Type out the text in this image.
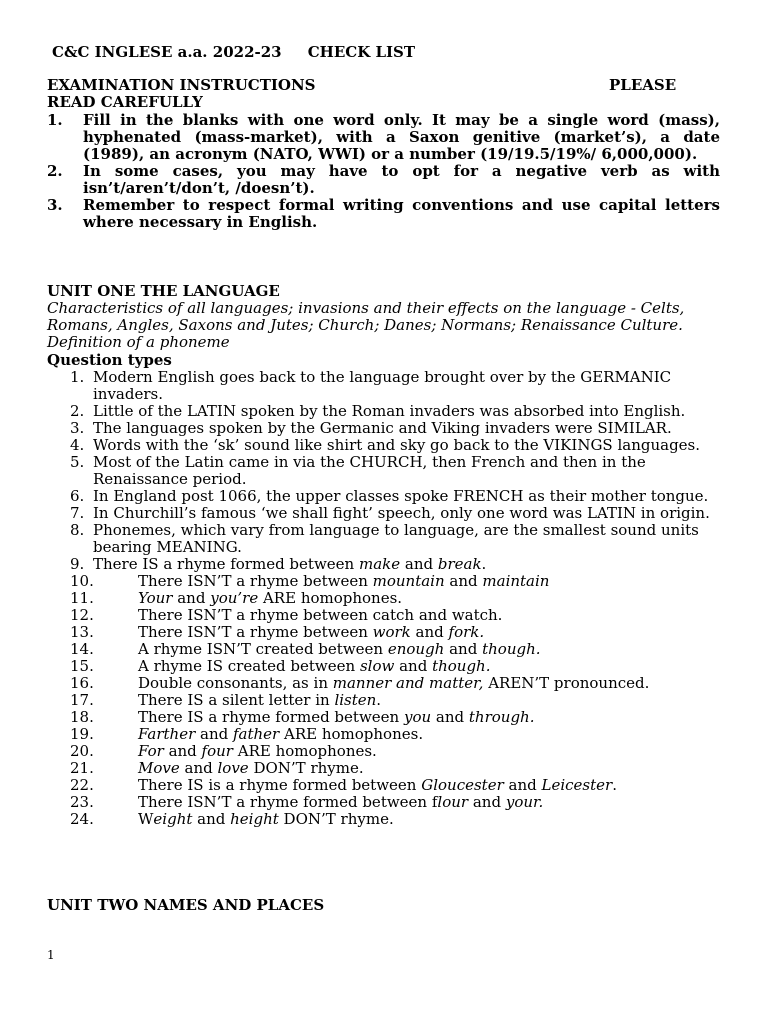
C&C INGLESE a.a. 2022-23 CHECK LIST
EXAMINATION INSTRUCTIONS	PLEASE
READ CAREFULLY
1. Fill in the blanks with one word only. It may be a single word (mass), hyphenated (mass-market), with a Saxon genitive (market’s), a date (1989), an acronym (NATO, WWI) or a number (19/19.5/19%/ 6,000,000).
2. In some cases, you may have to opt for a negative verb as with isn’t/aren’t/don’t, /doesn’t).
3. Remember to respect formal writing conventions and use capital letters where necessary in English.
UNIT ONE THE LANGUAGE
Characteristics of all languages; invasions and their effects on the language - Celts, Romans, Angles, Saxons and Jutes; Church; Danes; Normans; Renaissance Culture. Definition of a phoneme
Question types
1. Modern English goes back to the language brought over by the GERMANIC invaders.
2. Little of the LATIN spoken by the Roman invaders was absorbed into English.
3. The languages spoken by the Germanic and Viking invaders were SIMILAR.
4. Words with the ‘sk’ sound like shirt and sky go back to the VIKINGS languages.
5. Most of the Latin came in via the CHURCH, then French and then in the Renaissance period.
6. In England post 1066, the upper classes spoke FRENCH as their mother tongue.
7. In Churchill’s famous ‘we shall fight’ speech, only one word was LATIN in origin.
8. Phonemes, which vary from language to language, are the smallest sound units bearing MEANING.
9. There IS a rhyme formed between make and break.
10.	There ISN’T a rhyme between mountain and maintain
11.	Your and you’re ARE homophones.
12.	There ISN’T a rhyme between catch and watch.
13.	There ISN’T a rhyme between work and fork.
14.	A rhyme ISN’T created between enough and though.
15.	A rhyme IS created between slow and though.
16.	Double consonants, as in manner and matter, AREN’T pronounced.
17.	There IS a silent letter in listen.
18.	There IS a rhyme formed between you and through.
19.	Farther and father ARE homophones.
20.	For and four ARE homophones.
21.	Move and love DON’T rhyme.
22.	There IS is a rhyme formed between Gloucester and Leicester.
23.	There ISN’T a rhyme formed between flour and your.
24.	Weight and height DON’T rhyme.
UNIT TWO NAMES AND PLACES
1
